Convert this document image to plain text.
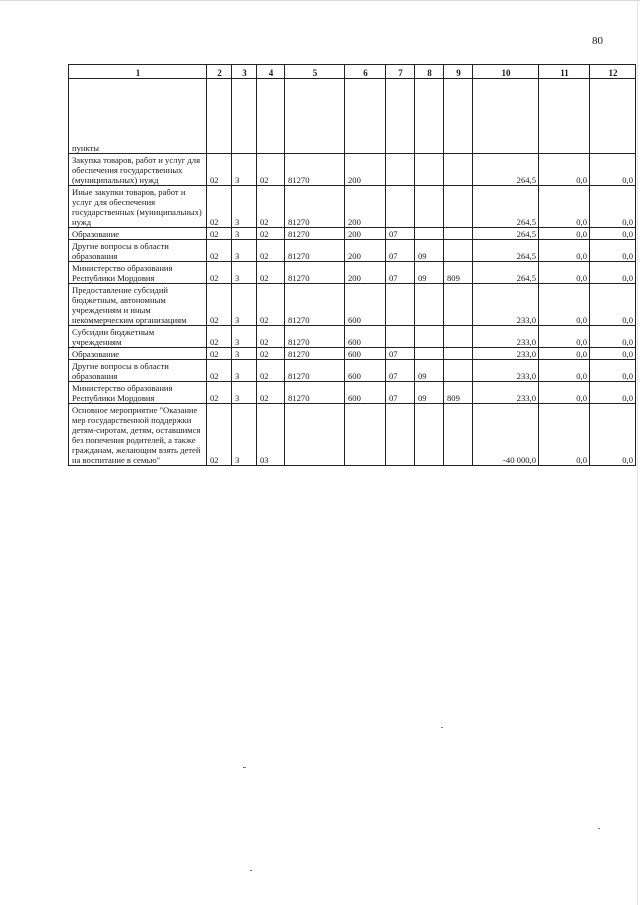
80
1	2	3	4	5	6	7	8	9	10	11	12
пункты											
Закупка товаров, работ и услуг для обеспечения государственных (муниципальных) нужд	02	3	02	81270	200				264,5	0,0	0,0
Иные закупки товаров, работ и услуг для обеспечения государственных (муниципальных) нужд	02	3	02	81270	200				264,5	0,0	0,0
Образование	02	3	02	81270	200	07			264,5	0,0	0,0
Другие вопросы в области образования	02	3	02	81270	200	07	09		264,5	0,0	0,0
Министерство образования Республики Мордовия	02	3	02	81270	200	07	09	809	264,5	0,0	0,0
Предоставление субсидий бюджетным, автономным учреждениям и иным некоммерческим организациям	02	3	02	81270	600				233,0	0,0	0,0
Субсидии бюджетным учреждениям	02	3	02	81270	600				233,0	0,0	0,0
Образование	02	3	02	81270	600	07			233,0	0,0	0,0
Другие вопросы в области образования	02	3	02	81270	600	07	09		233,0	0,0	0,0
Министерство образования Республики Мордовия	02	3	02	81270	600	07	09	809	233,0	0,0	0,0
Основное мероприятие "Оказание мер государственной поддержки детям-сиротам, детям, оставшимся без попечения родителей, а также гражданам, желающим взять детей на воспитание в семью"	02	3	03						-40 000,0	0,0	0,0
